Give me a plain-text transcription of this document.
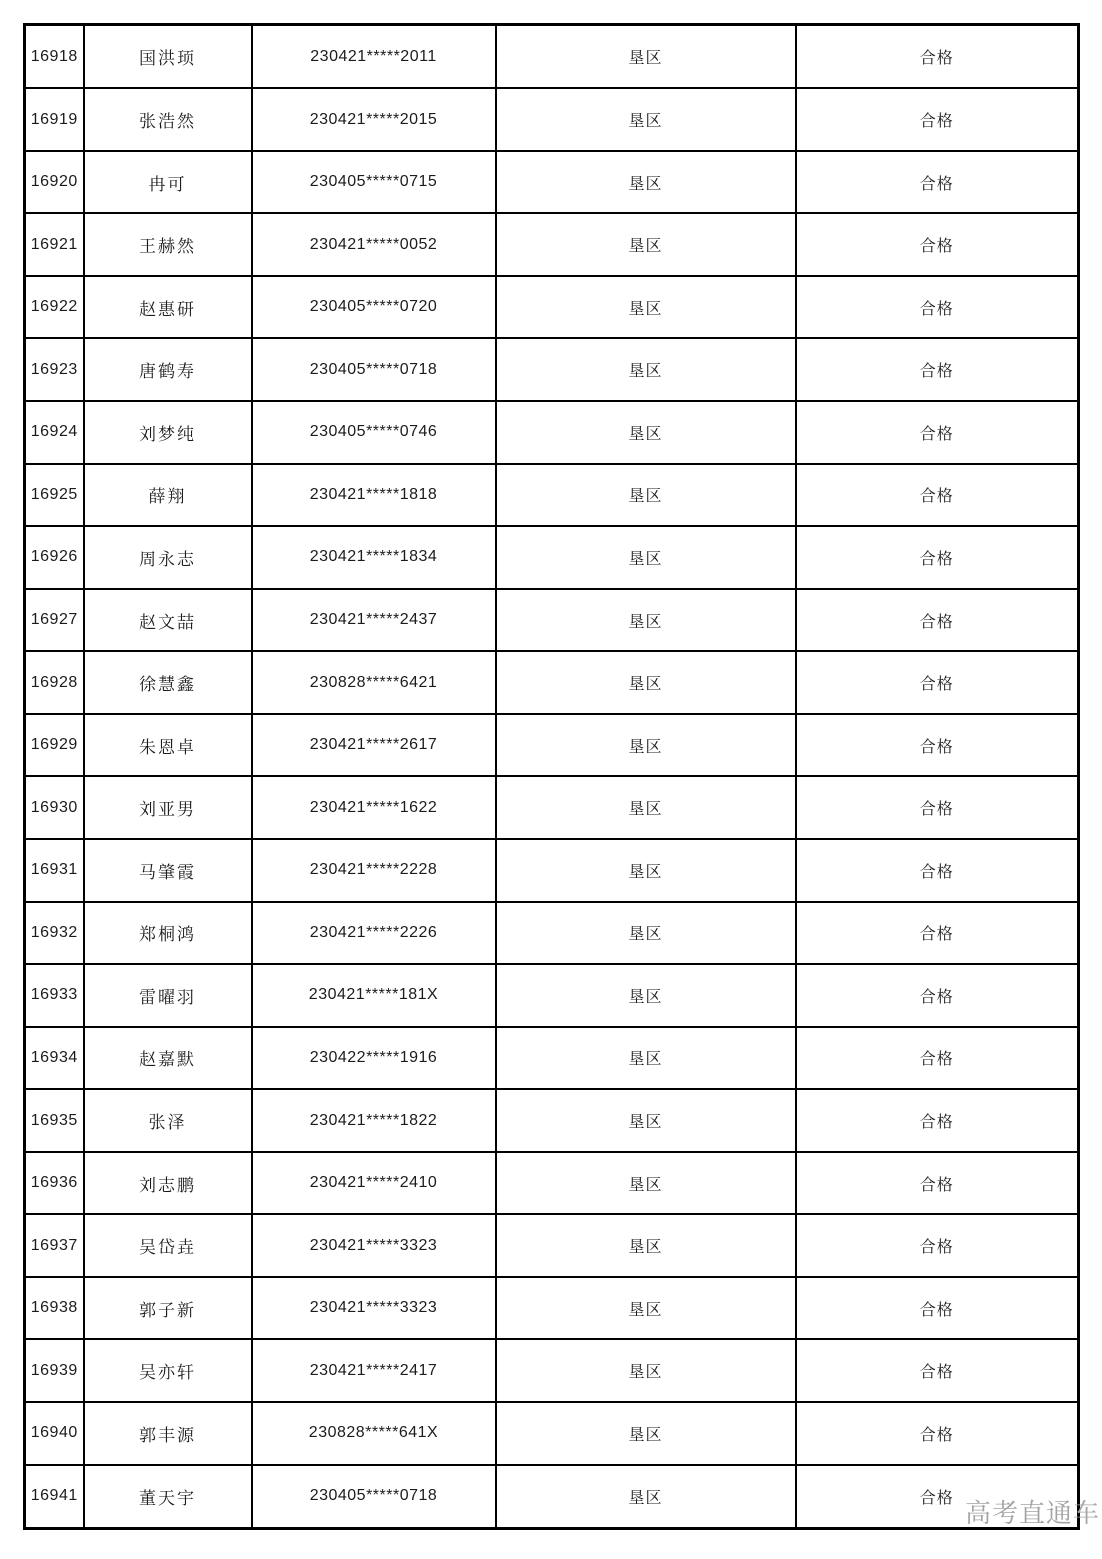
16918	国洪顼	230421*****2011	垦区	合格
16919	张浩然	230421*****2015	垦区	合格
16920	冉可	230405*****0715	垦区	合格
16921	王赫然	230421*****0052	垦区	合格
16922	赵惠研	230405*****0720	垦区	合格
16923	唐鹤寿	230405*****0718	垦区	合格
16924	刘梦纯	230405*****0746	垦区	合格
16925	薛翔	230421*****1818	垦区	合格
16926	周永志	230421*****1834	垦区	合格
16927	赵文喆	230421*****2437	垦区	合格
16928	徐慧鑫	230828*****6421	垦区	合格
16929	朱恩卓	230421*****2617	垦区	合格
16930	刘亚男	230421*****1622	垦区	合格
16931	马肇霞	230421*****2228	垦区	合格
16932	郑桐鸿	230421*****2226	垦区	合格
16933	雷曜羽	230421*****181X	垦区	合格
16934	赵嘉默	230422*****1916	垦区	合格
16935	张泽	230421*****1822	垦区	合格
16936	刘志鹏	230421*****2410	垦区	合格
16937	吴岱垚	230421*****3323	垦区	合格
16938	郭子新	230421*****3323	垦区	合格
16939	吴亦轩	230421*****2417	垦区	合格
16940	郭丰源	230828*****641X	垦区	合格
16941	董天宇	230405*****0718	垦区	合格 高考直通车
